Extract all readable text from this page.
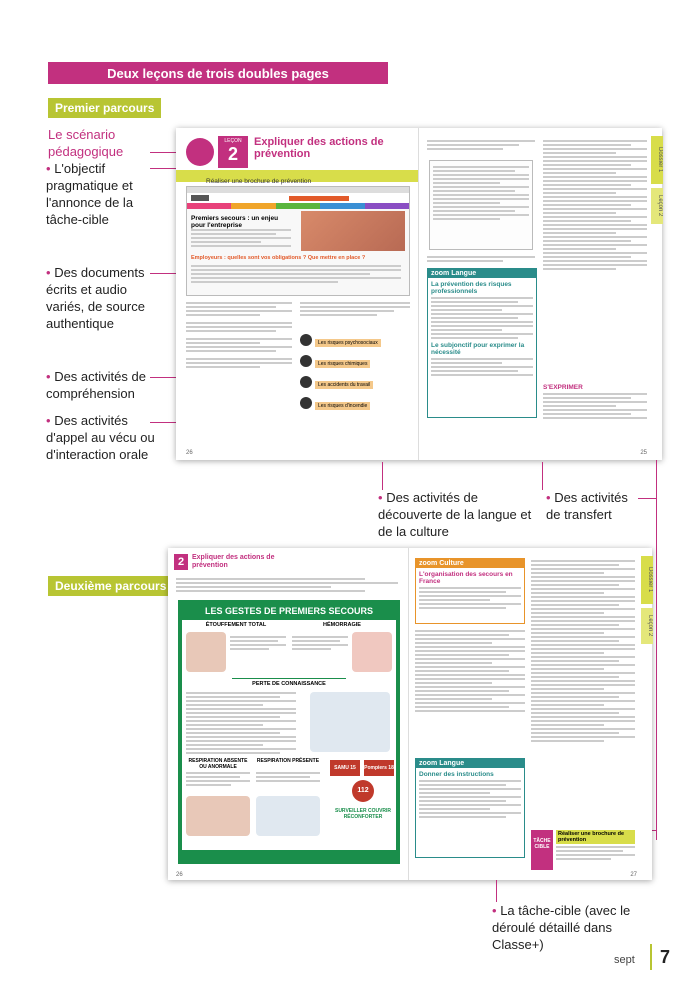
Deux leçons de trois doubles pages
Premier parcours
Le scénario pédagogique
• L'objectif pragmatique et l'annonce de la tâche-cible
• Des documents écrits et audio variés, de source authentique
• Des activités de compréhension
• Des activités d'appel au vécu ou d'interaction orale
LEÇON
2
Expliquer des actions de prévention
Réaliser une brochure de prévention
Premiers secours : un enjeu pour l'entreprise
Employeurs : quelles sont vos obligations ? Que mettre en place ?
Les risques psychosociaux
Les risques chimiques
Les accidents du travail
Les risques d'incendie
26
zoom Langue
La prévention des risques professionnels
Le subjonctif pour exprimer la nécessité
S'EXPRIMER
Dossier 1
Leçon 2
25
• Des activités de découverte de la langue et de la culture
• Des activités de transfert
Deuxième parcours
2	Expliquer des actions de prévention
LES GESTES DE PREMIERS SECOURS
ÉTOUFFEMENT TOTAL	HÉMORRAGIE
PERTE DE CONNAISSANCE
RESPIRATION ABSENTE OU ANORMALE
RESPIRATION PRÉSENTE
SAMU 15	Pompiers 18
112
SURVEILLER COUVRIR RÉCONFORTER
26
zoom Culture
L'organisation des secours en France
zoom Langue
Donner des instructions
TÂCHE CIBLE
Réaliser une brochure de prévention
Dossier 1
Leçon 2
27
• La tâche-cible (avec le déroulé détaillé dans Classe+)
sept 7
